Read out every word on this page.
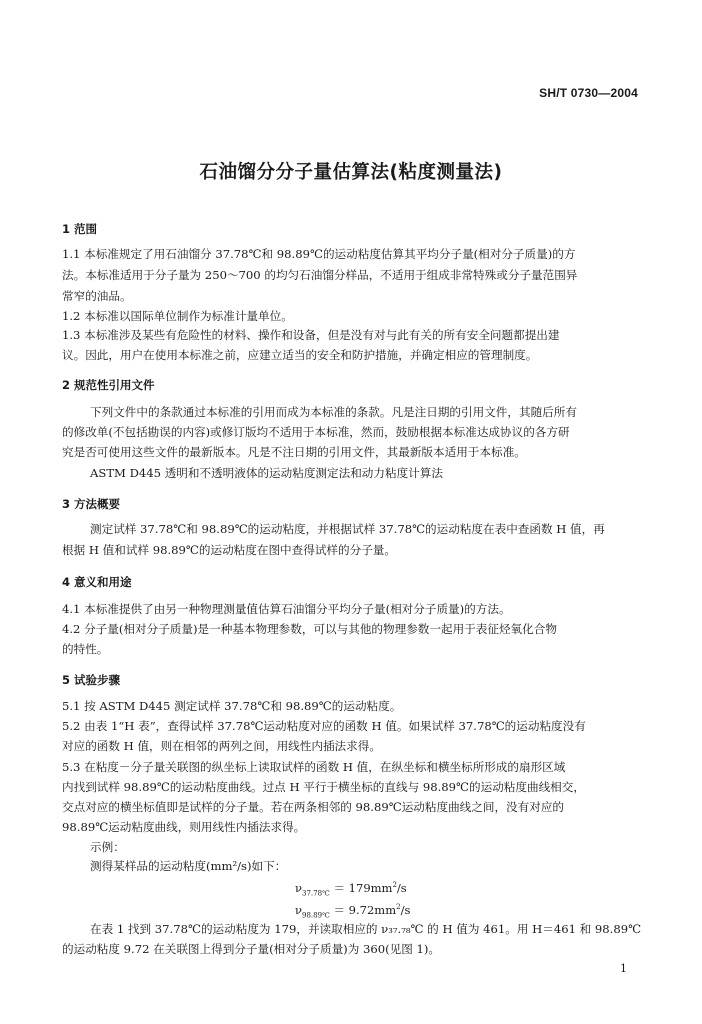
SH/T 0730—2004
石油馏分分子量估算法(粘度测量法)
1 范围
1.1 本标准规定了用石油馏分 37.78℃和 98.89℃的运动粘度估算其平均分子量(相对分子质量)的方
法。本标准适用于分子量为 250～700 的均匀石油馏分样品，不适用于组成非常特殊或分子量范围异
常窄的油品。
1.2 本标准以国际单位制作为标准计量单位。
1.3 本标准涉及某些有危险性的材料、操作和设备，但是没有对与此有关的所有安全问题都提出建
议。因此，用户在使用本标准之前，应建立适当的安全和防护措施，并确定相应的管理制度。
2 规范性引用文件
下列文件中的条款通过本标准的引用而成为本标准的条款。凡是注日期的引用文件，其随后所有
的修改单(不包括勘误的内容)或修订版均不适用于本标准，然而，鼓励根据本标准达成协议的各方研
究是否可使用这些文件的最新版本。凡是不注日期的引用文件，其最新版本适用于本标准。
ASTM D445 透明和不透明液体的运动粘度测定法和动力粘度计算法
3 方法概要
测定试样 37.78℃和 98.89℃的运动粘度，并根据试样 37.78℃的运动粘度在表中查函数 H 值，再
根据 H 值和试样 98.89℃的运动粘度在图中查得试样的分子量。
4 意义和用途
4.1 本标准提供了由另一种物理测量值估算石油馏分平均分子量(相对分子质量)的方法。
4.2 分子量(相对分子质量)是一种基本物理参数，可以与其他的物理参数一起用于表征烃氧化合物
的特性。
5 试验步骤
5.1 按 ASTM D445 测定试样 37.78℃和 98.89℃的运动粘度。
5.2 由表 1“H 表”，查得试样 37.78℃运动粘度对应的函数 H 值。如果试样 37.78℃的运动粘度没有
对应的函数 H 值，则在相邻的两列之间，用线性内插法求得。
5.3 在粘度－分子量关联图的纵坐标上读取试样的函数 H 值，在纵坐标和横坐标所形成的扇形区域
内找到试样 98.89℃的运动粘度曲线。过点 H 平行于横坐标的直线与 98.89℃的运动粘度曲线相交，
交点对应的横坐标值即是试样的分子量。若在两条相邻的 98.89℃运动粘度曲线之间，没有对应的
98.89℃运动粘度曲线，则用线性内插法求得。
示例：
测得某样品的运动粘度(mm²/s)如下：
$\nu_{37.78℃} = 179mm^2/s$
$\nu_{98.89℃} = 9.72mm^2/s$
在表 1 找到 37.78℃的运动粘度为 179，并读取相应的 ν₃₇.₇₈℃ 的 H 值为 461。用 H＝461 和 98.89℃
的运动粘度 9.72 在关联图上得到分子量(相对分子质量)为 360(见图 1)。
1
